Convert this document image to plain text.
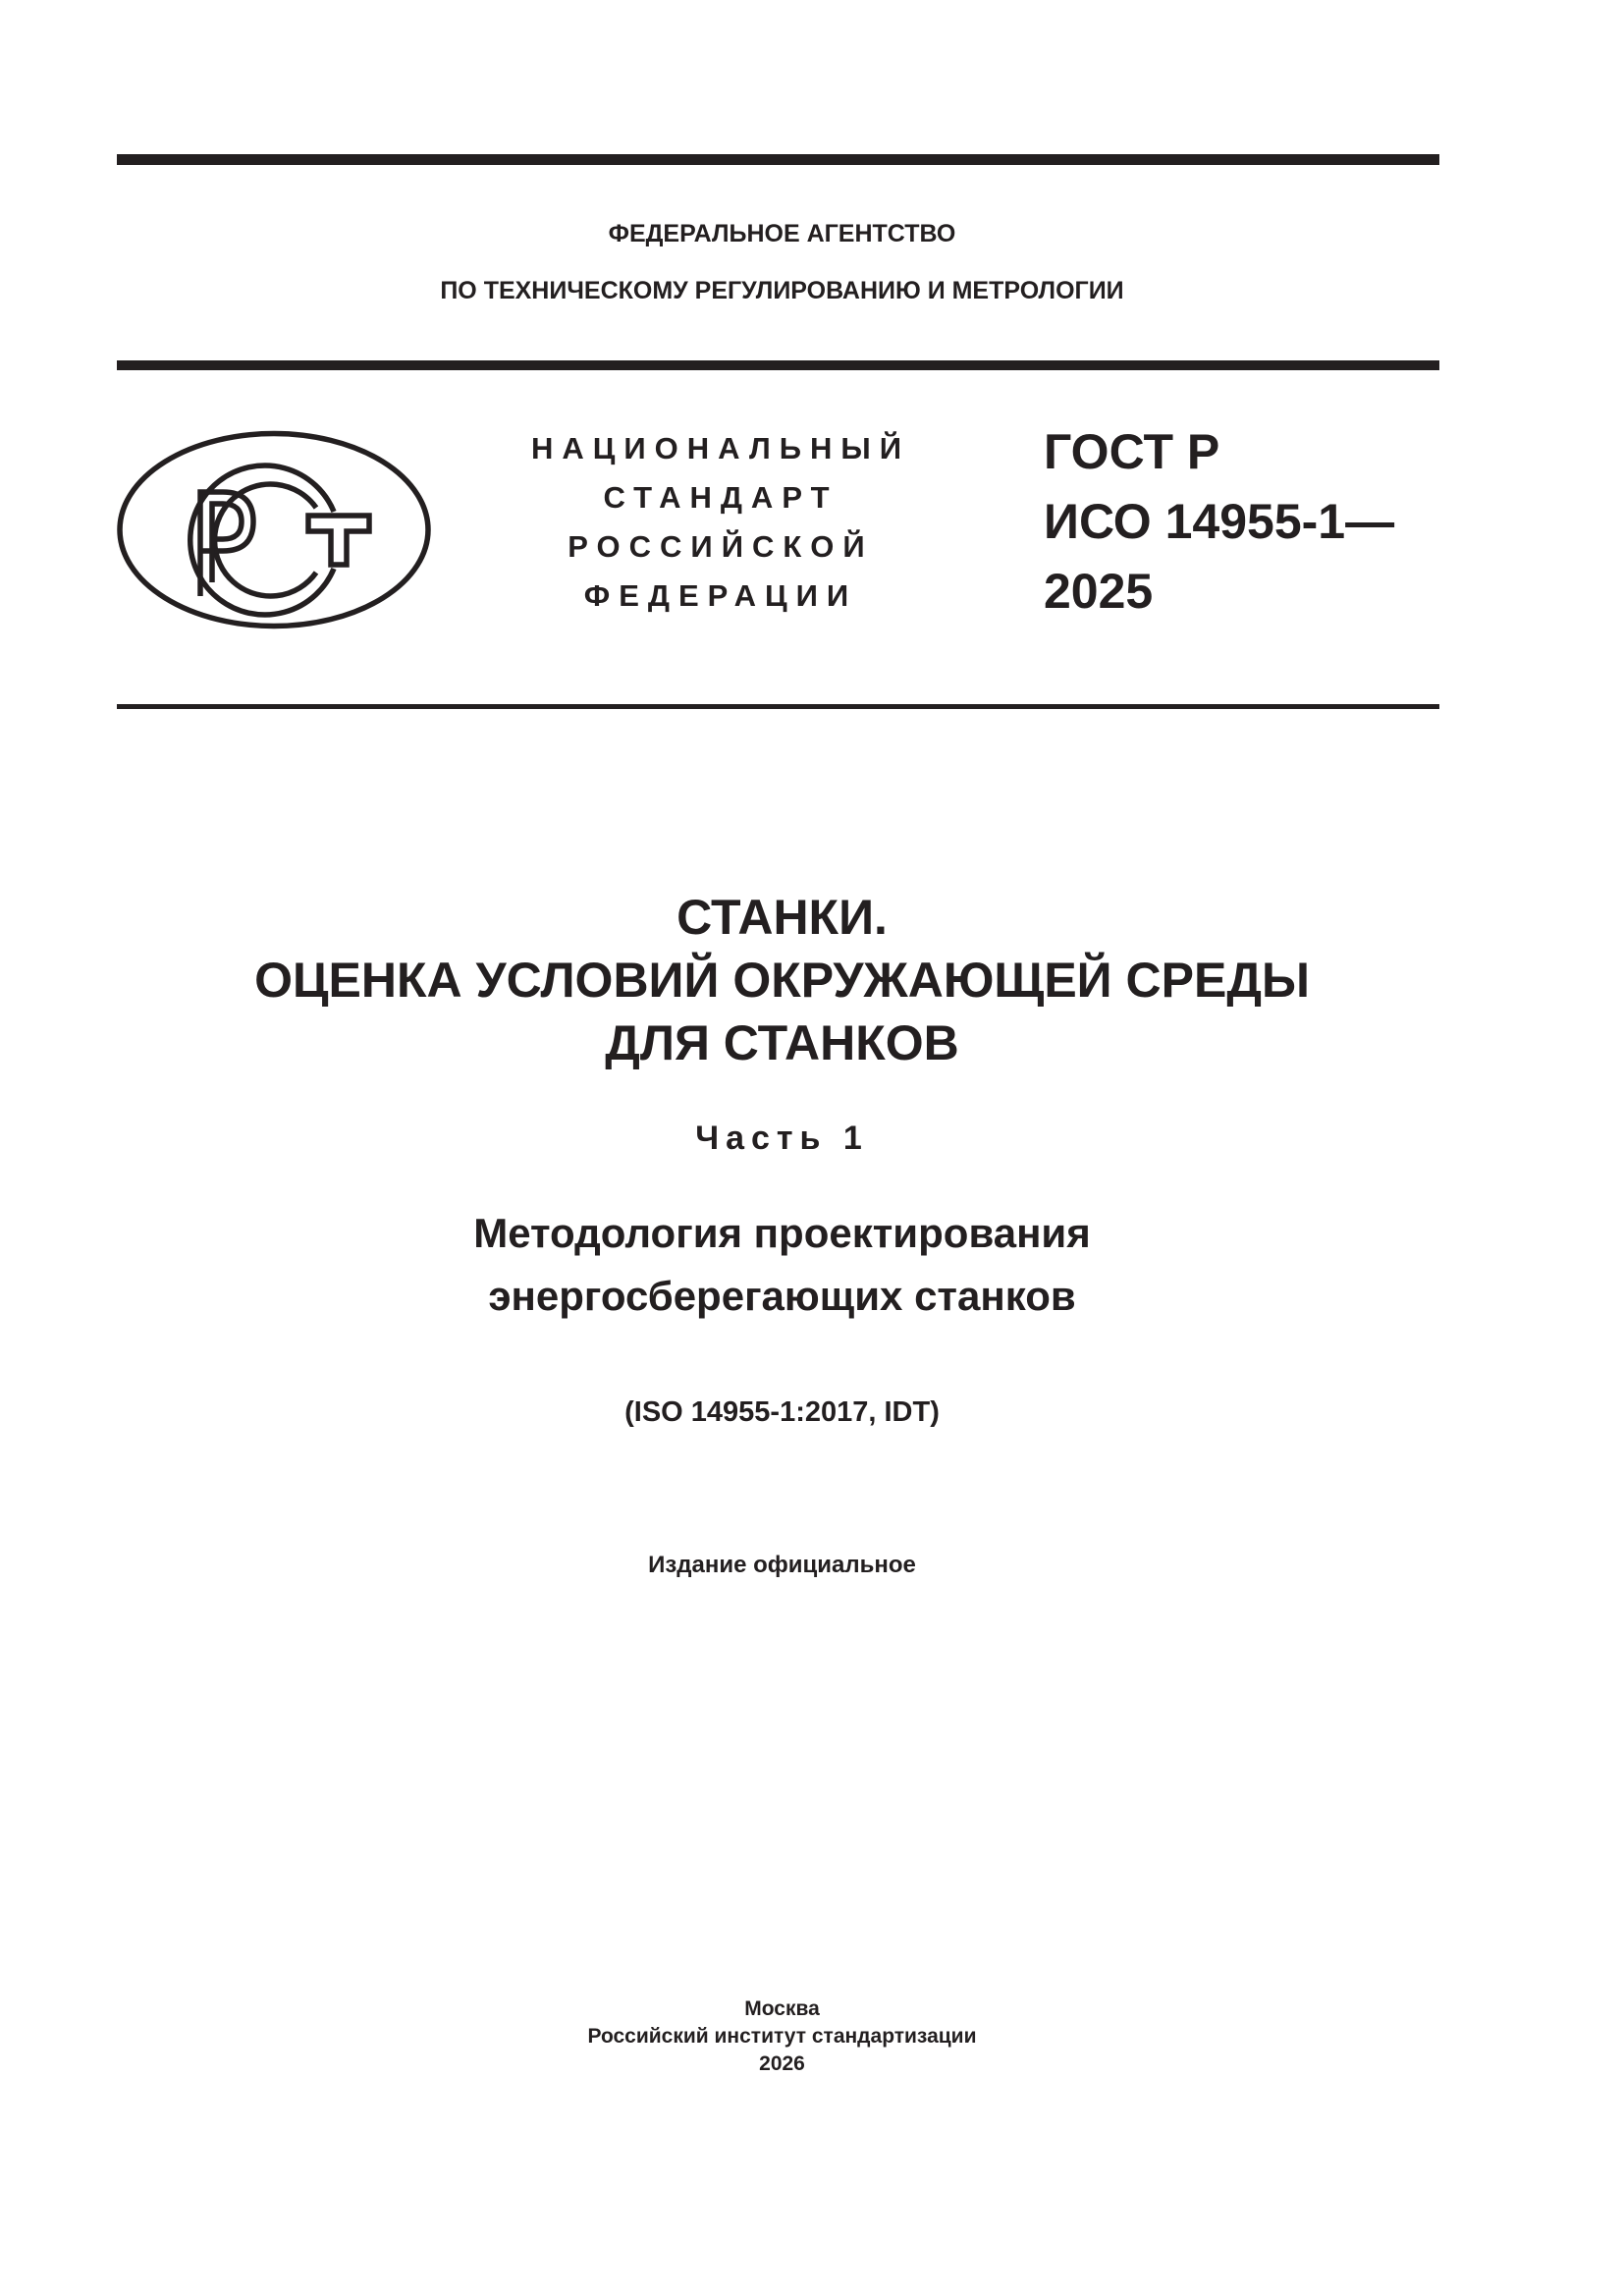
ФЕДЕРАЛЬНОЕ АГЕНТСТВО
ПО ТЕХНИЧЕСКОМУ РЕГУЛИРОВАНИЮ И МЕТРОЛОГИИ
НАЦИОНАЛЬНЫЙ
СТАНДАРТ
РОССИЙСКОЙ
ФЕДЕРАЦИИ
ГОСТ Р
ИСО 14955-1—
2025
СТАНКИ.
ОЦЕНКА УСЛОВИЙ ОКРУЖАЮЩЕЙ СРЕДЫ
ДЛЯ СТАНКОВ
Часть 1
Методология проектирования
энергосберегающих станков
(ISO 14955-1:2017, IDT)
Издание официальное
Москва
Российский институт стандартизации
2026
